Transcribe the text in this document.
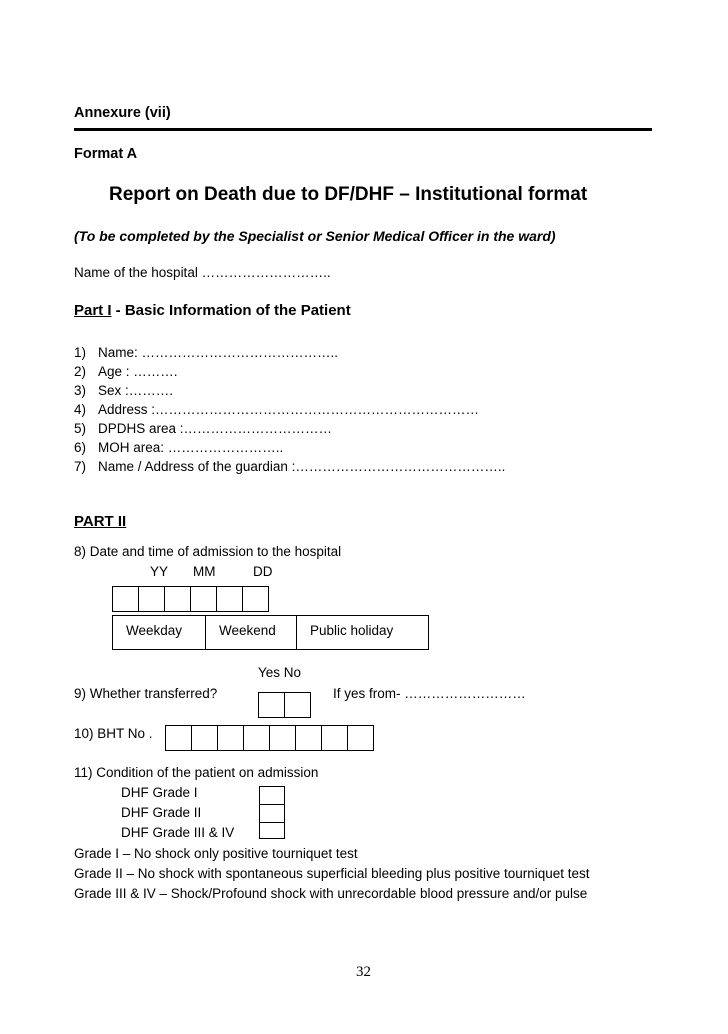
Annexure (vii)
Format A
Report on Death due to DF/DHF – Institutional format
(To be completed by the Specialist or Senior Medical Officer in the ward)
Name of the hospital ………………………..
Part I - Basic Information of the Patient
1) Name: ……………………………………..
2) Age : ……….
3) Sex :……….
4) Address :………………………………………………………………
5) DPDHS area :……………………………
6) MOH area: ……………………..
7) Name / Address of the guardian :………………………………………..
PART II
8) Date and time of admission to the hospital
YY MM	DD
Weekday	Weekend	Public holiday
Yes No
9) Whether transferred?	If yes from- ………………………
10) BHT No .
11) Condition of the patient on admission
DHF Grade I
DHF Grade II
DHF Grade III & IV
Grade I – No shock only positive tourniquet test
Grade II – No shock with spontaneous superficial bleeding plus positive tourniquet test
Grade III & IV – Shock/Profound shock with unrecordable blood pressure and/or pulse
32
